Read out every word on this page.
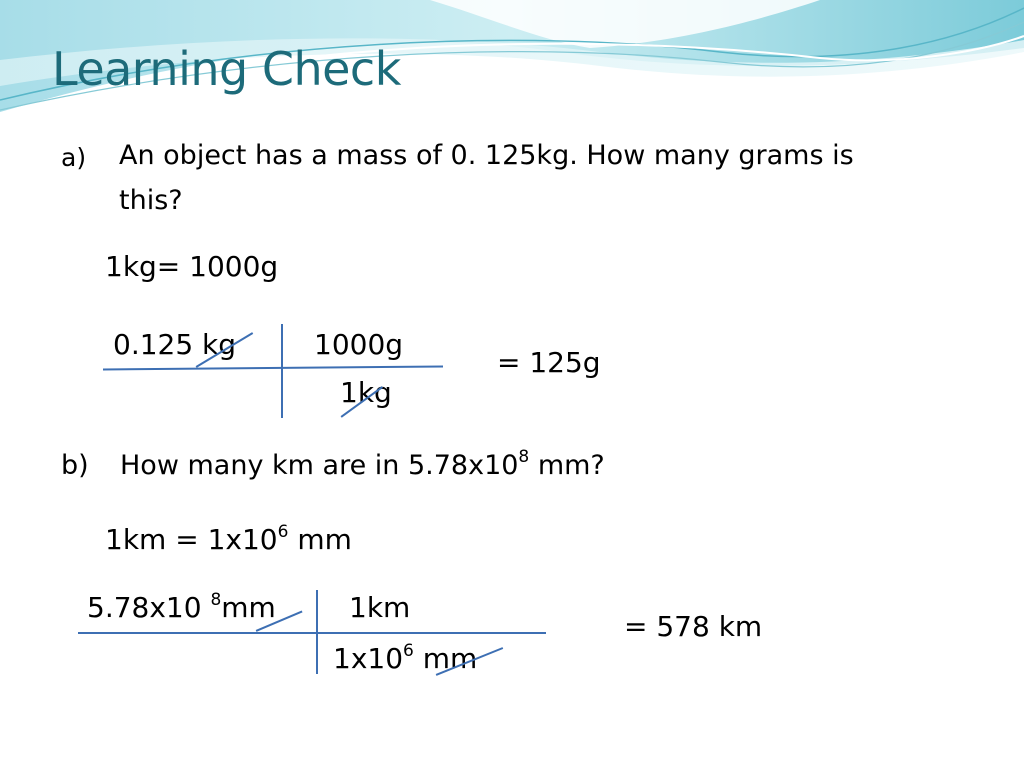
Learning Check
a) An object has a mass of 0. 125kg. How many grams is
this?
1kg= 1000g
0.125 kg	1000g
1kg
= 125g
b) How many km are in $5.78x10^8$ mm?
$1km = 1x10^6$ mm
5.78x10 $^8$mm	1km
$1x10^6$ mm
= 578 km
